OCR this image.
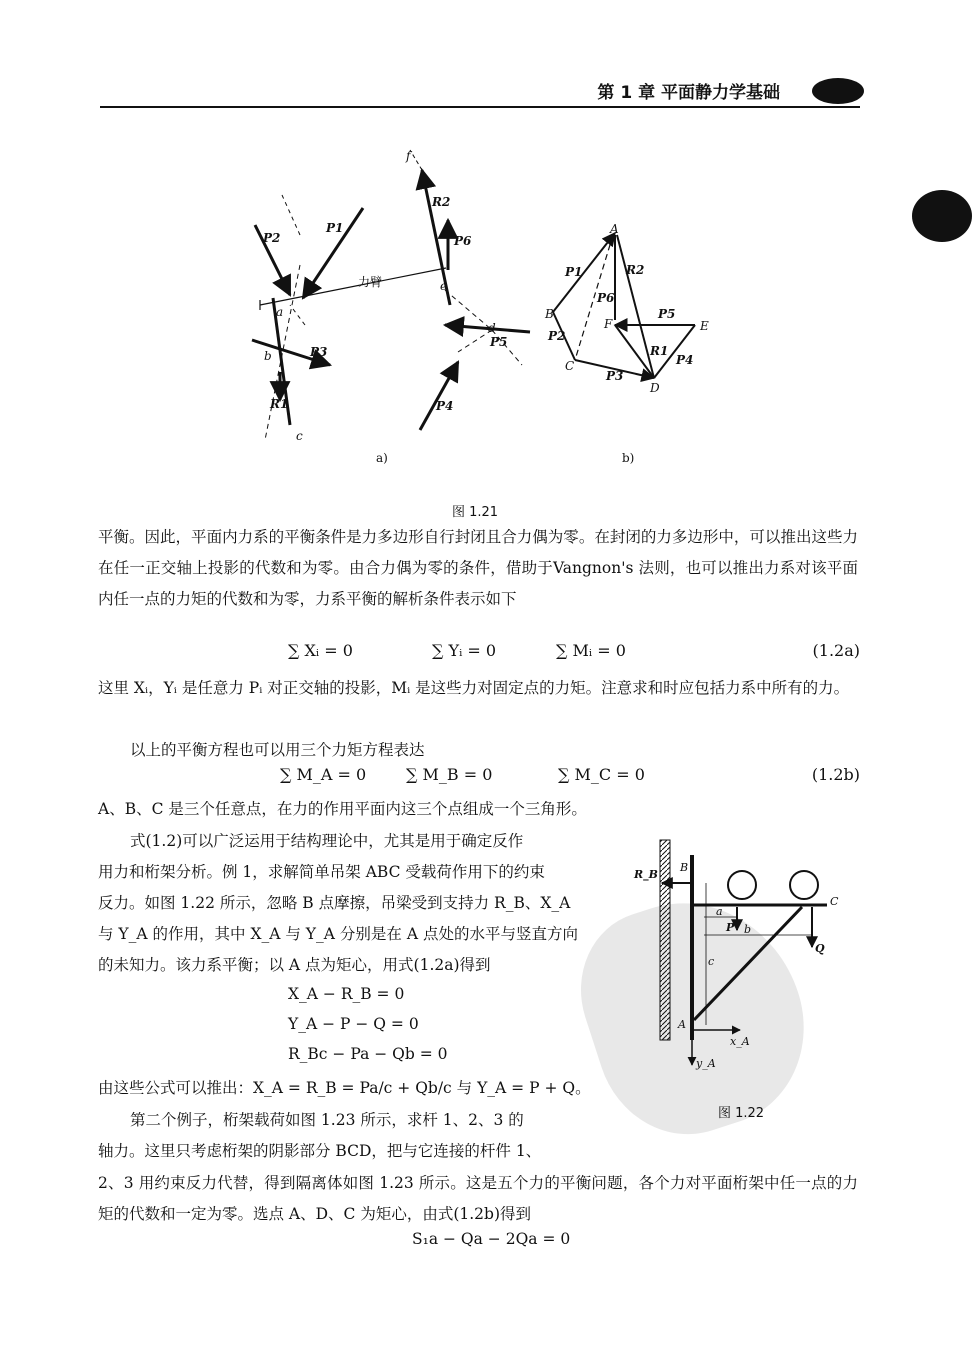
第 1 章 平面静力学基础
f
P2
P1
力臂
R2
P6
a
e
d
P5
b	P3
R1	P4
c
A
R2
P1
P6
B
F
P5
E
P2
R1
P4
C
P3
D
a)	b)
图 1.21
平衡。因此，平面内力系的平衡条件是力多边形自行封闭且合力偶为零。在封闭的力多边形中，可以推出这些力在任一正交轴上投影的代数和为零。由合力偶为零的条件，借助于Vangnon's 法则，也可以推出力系对该平面内任一点的力矩的代数和为零，力系平衡的解析条件表示如下
∑ Xᵢ = 0	∑ Yᵢ = 0	∑ Mᵢ = 0	(1.2a)
这里 Xᵢ，Yᵢ 是任意力 Pᵢ 对正交轴的投影，Mᵢ 是这些力对固定点的力矩。注意求和时应包括力系中所有的力。
以上的平衡方程也可以用三个力矩方程表达
∑ M_A = 0 ∑ M_B = 0	∑ M_C = 0	(1.2b)
A、B、C 是三个任意点，在力的作用平面内这三个点组成一个三角形。
式(1.2)可以广泛运用于结构理论中，尤其是用于确定反作
用力和桁架分析。例 1，求解简单吊架 ABC 受载荷作用下的约束
反力。如图 1.22 所示，忽略 B 点摩擦，吊梁受到支持力 R_B、X_A
与 Y_A 的作用，其中 X_A 与 Y_A 分别是在 A 点处的水平与竖直方向
的未知力。该力系平衡；以 A 点为矩心，用式(1.2a)得到
X_A − R_B = 0
Y_A − P − Q = 0
R_Bc − Pa − Qb = 0
由这些公式可以推出：X_A = R_B = Pa/c + Qb/c 与 Y_A = P + Q。
第二个例子，桁架载荷如图 1.23 所示，求杆 1、2、3 的
轴力。这里只考虑桁架的阴影部分 BCD，把与它连接的杆件 1、
2、3 用约束反力代替，得到隔离体如图 1.23 所示。这是五个力的平衡问题，各个力对平面桁架中任一点的力矩的代数和一定为零。选点 A、D、C 为矩心，由式(1.2b)得到
S₁a − Qa − 2Qa = 0
B
R_B
C
a
P b
Q
c
A
x_A
y_A
图 1.22
